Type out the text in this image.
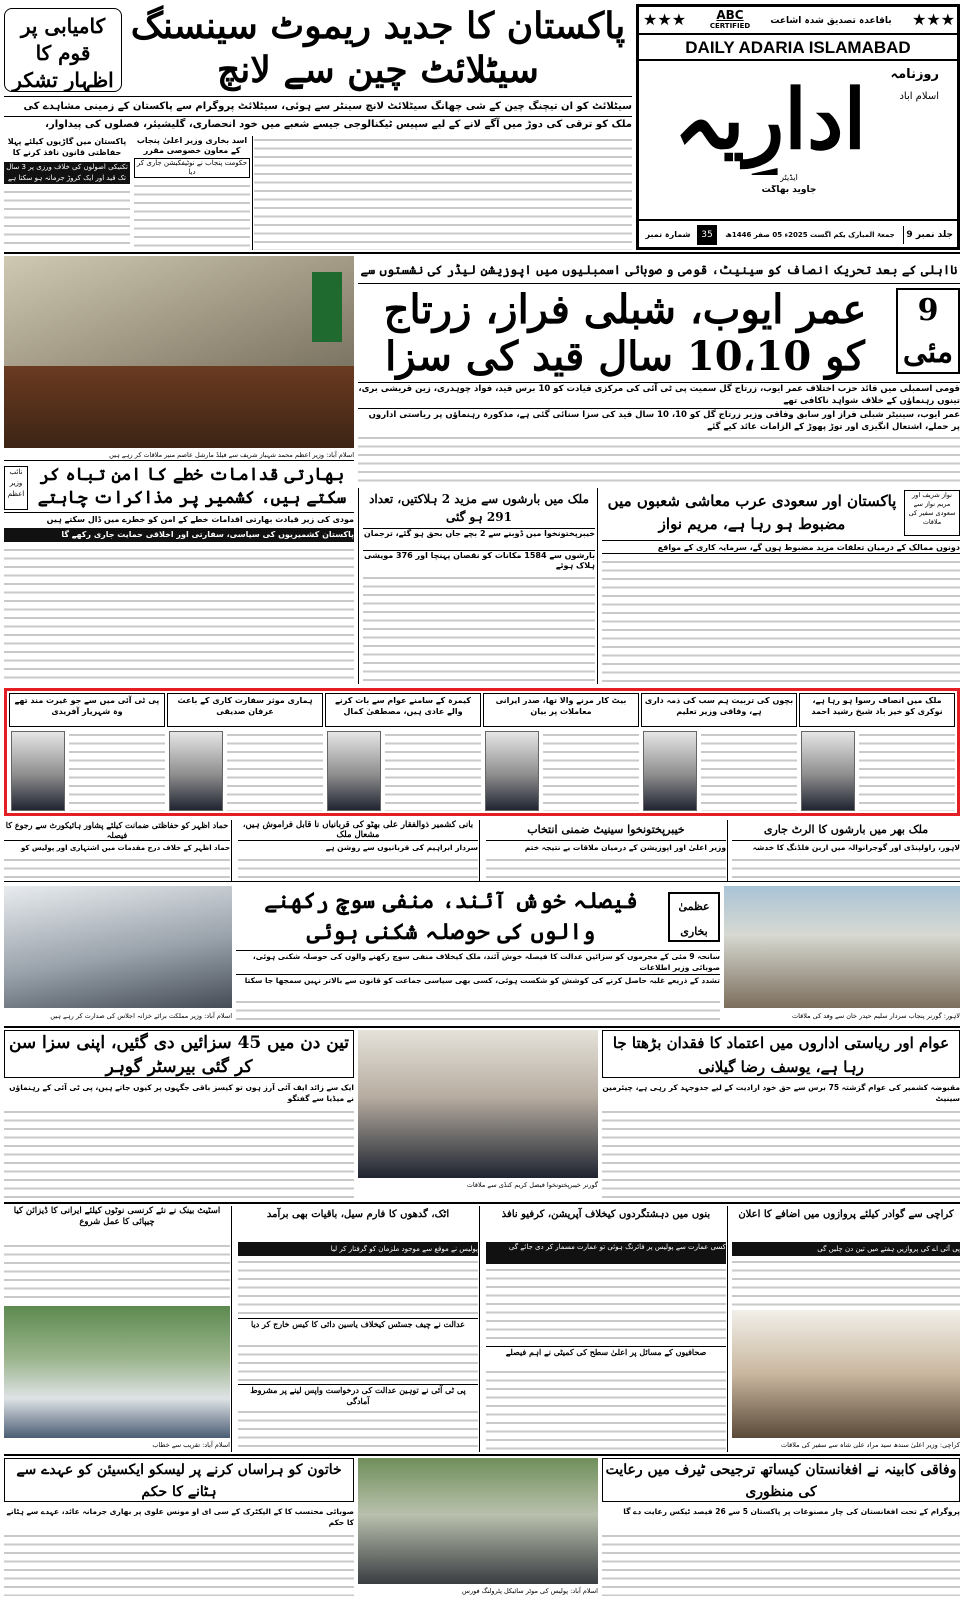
★★★	ABC
CERTIFIED	باقاعدہ تصدیق شدہ اشاعت	★★★
DAILY ADARIA ISLAMABAD
روزنامہ
اسلام آباد
ادارِیہ
ایڈیٹر
جاوید بھاگت
جلد نمبر 9
جمعۃ المبارک یکم اگست 2025ء 05 صفر 1446ھ
35
شمارہ نمبر
پاکستان کا جدید ریموٹ سینسنگ سیٹلائٹ چین سے لانچ
کامیابی پر قوم کا اظہار تشکر
سیٹلائٹ کو ان تیچنگ چین کے شی چھانگ سیٹلائٹ لانچ سینٹر سے ہوئی، سیٹلائٹ پروگرام سے پاکستان کے زمینی مشاہدے کی
ملک کو ترقی کی دوڑ میں آگے لانے کے لیے سپیس ٹیکنالوجی جیسے شعبے میں خود انحصاری، گلیشیئر، فصلوں کی پیداوار،
اسد بخاری وزیر اعلیٰ پنجاب کے معاون خصوصی مقرر
حکومت پنجاب نے نوٹیفکیشن جاری کر دیا
پاکستان میں گاڑیوں کیلئے پہلا حفاظتی قانون نافذ کرنے کا
تکنیکی اصولوں کی خلاف ورزی پر 3 سال تک قید اور ایک کروڑ جرمانہ ہو سکتا ہے
اسلام آباد: وزیر اعظم محمد شہباز شریف سے فیلڈ مارشل عاصم منیر ملاقات کر رہے ہیں
نااہلی کے بعد تحریک انصاف کو سینیٹ، قومی و صوبائی اسمبلیوں میں اپوزیشن لیڈر کی نشستوں سے
9 مئی
عمر ایوب، شبلی فراز، زرتاج کو 10،10 سال قید کی سزا
قومی اسمبلی میں قائد حزب اختلاف عمر ایوب، زرتاج گل سمیت پی ٹی آئی کی مرکزی قیادت کو 10 برس قید، فواد چوہدری، زین قریشی بری، تینوں رہنماؤں کے خلاف شواہد ناکافی تھے
عمر ایوب، سینیٹر شبلی فراز اور سابق وفاقی وزیر زرتاج گل کو 10، 10 سال قید کی سزا سنائی گئی ہے، مذکورہ رہنماؤں پر ریاستی اداروں پر حملے، اشتعال انگیزی اور توڑ پھوڑ کے الزامات عائد کیے گئے
بھارتی قدامات خطے کا امن تباہ کر سکتے ہیں، کشمیر پر مذاکرات چاہتے
نائب وزیر اعظم
مودی کی زیر قیادت بھارتی اقدامات خطے کے امن کو خطرے میں ڈال سکتے ہیں
پاکستان کشمیریوں کی سیاسی، سفارتی اور اخلاقی حمایت جاری رکھے گا
ملک میں بارشوں سے مزید 2 ہلاکتیں، تعداد 291 ہو گئی
خیبرپختونخوا میں ڈوبنے سے 2 بچے جاں بحق ہو گئے، ترجمان
بارشوں سے 1584 مکانات کو نقصان پہنچا اور 376 مویشی ہلاک ہوئے
پاکستان اور سعودی عرب معاشی شعبوں میں مضبوط ہو رہا ہے، مریم نواز
نواز شریف اور مریم نواز سے سعودی سفیر کی ملاقات
دونوں ممالک کے درمیان تعلقات مزید مضبوط ہوں گے، سرمایہ کاری کے مواقع
ملک میں انصاف رسوا ہو رہا ہے، نوکری کو خیر باد شیخ رشید احمد
بچوں کی تربیت ہم سب کی ذمہ داری ہے، وفاقی وزیر تعلیم
بیٹ کار مرنے والا تھا، صدر ایرانی معاملات پر بیان
کیمرہ کے سامنے عوام سے بات کرنے والے عادی ہیں، مصطفیٰ کمال
ہماری موثر سفارت کاری کے باعث عرفان صدیقی
پی ٹی آئی میں سے جو غیرت مند تھے وہ شہریار آفریدی
ملک بھر میں بارشوں کا الرٹ جاری
لاہور، راولپنڈی اور گوجرانوالہ میں اربن فلڈنگ کا خدشہ
خیبرپختونخوا سینیٹ ضمنی انتخاب
وزیر اعلیٰ اور اپوزیشن کے درمیان ملاقات بے نتیجہ ختم
بانی کشمیر ذوالفقار علی بھٹو کی قربانیاں نا قابل فراموش ہیں، مشعال ملک
سردار ابراہیم کی قربانیوں سے روشن ہے
حماد اظہر کو حفاظتی ضمانت کیلئے پشاور ہائیکورٹ سے رجوع کا فیصلہ
حماد اظہر کے خلاف درج مقدمات میں اشتہاری اور پولیس کو
اسلام آباد: وزیر مملکت برائے خزانہ اجلاس کی صدارت کر رہے ہیں
فیصلہ خوش آئند، منفی سوچ رکھنے والوں کی حوصلہ شکنی ہوئی
عظمیٰ بخاری
سانحہ 9 مئی کے مجرموں کو سزائیں عدالت کا فیصلہ خوش آئند، ملک کیخلاف منفی سوچ رکھنے والوں کی حوصلہ شکنی ہوئی، صوبائی وزیر اطلاعات
تشدد کے ذریعے غلبہ حاصل کرنے کی کوشش کو شکست ہوئی، کسی بھی سیاسی جماعت کو قانون سے بالاتر نہیں سمجھا جا سکتا
لاہور: گورنر پنجاب سردار سلیم حیدر خان سے وفد کی ملاقات
تین دن میں 45 سزائیں دی گئیں، اپنی سزا سن کر گئی بیرسٹر گوہر
ایک سے زائد ایف آئی آرز ہوں تو کیسز باقی جگہوں پر کیوں جاتے ہیں، پی ٹی آئی کے رہنماؤں نے میڈیا سے گفتگو
گورنر خیبرپختونخوا فیصل کریم کنڈی سے ملاقات
عوام اور ریاستی اداروں میں اعتماد کا فقدان بڑھتا جا رہا ہے، یوسف رضا گیلانی
مقبوضہ کشمیر کی عوام گزشتہ 75 برس سے حق خود ارادیت کے لیے جدوجہد کر رہی ہے، چیئرمین سینیٹ
کراچی سے گوادر کیلئے پروازوں میں اضافے کا اعلان
پی آئی اے کی پروازیں ہفتے میں تین دن چلیں گی
کراچی: وزیر اعلیٰ سندھ سید مراد علی شاہ سے سفیر کی ملاقات
بنوں میں دہشتگردوں کیخلاف آپریشن، کرفیو نافذ
کسی عمارت سے پولیس پر فائرنگ ہوئی تو عمارت مسمار کر دی جائے گی
صحافیوں کے مسائل پر اعلیٰ سطح کی کمیٹی نے اہم فیصلے
اٹک، گدھوں کا فارم سیل، باقیات بھی برآمد
پولیس نے موقع سے موجود ملزمان کو گرفتار کر لیا
عدالت نے چیف جسٹس کیخلاف یاسین دائی کا کیس خارج کر دیا
پی ٹی آئی نے توہین عدالت کی درخواست واپس لینے پر مشروط آمادگی
اسٹیٹ بینک نے نئے کرنسی نوٹوں کیلئے ایرانی کا ڈیزائن کیا چیپائی کا عمل شروع
اسلام آباد: تقریب سے خطاب
خاتون کو ہراساں کرنے پر لیسکو ایکسیئن کو عہدے سے ہٹانے کا حکم
صوبائی محتسب کا کے الیکٹرک کے سی ای او مونس علوی پر بھاری جرمانہ عائد، عہدے سے ہٹانے کا حکم
اسلام آباد: پولیس کی موٹر سائیکل پٹرولنگ فورس
وفاقی کابینہ نے افغانستان کیساتھ ترجیحی ٹیرف میں رعایت کی منظوری
پروگرام کے تحت افغانستان کی چار مصنوعات پر پاکستان 5 سے 26 فیصد ٹیکس رعایت دے گا
